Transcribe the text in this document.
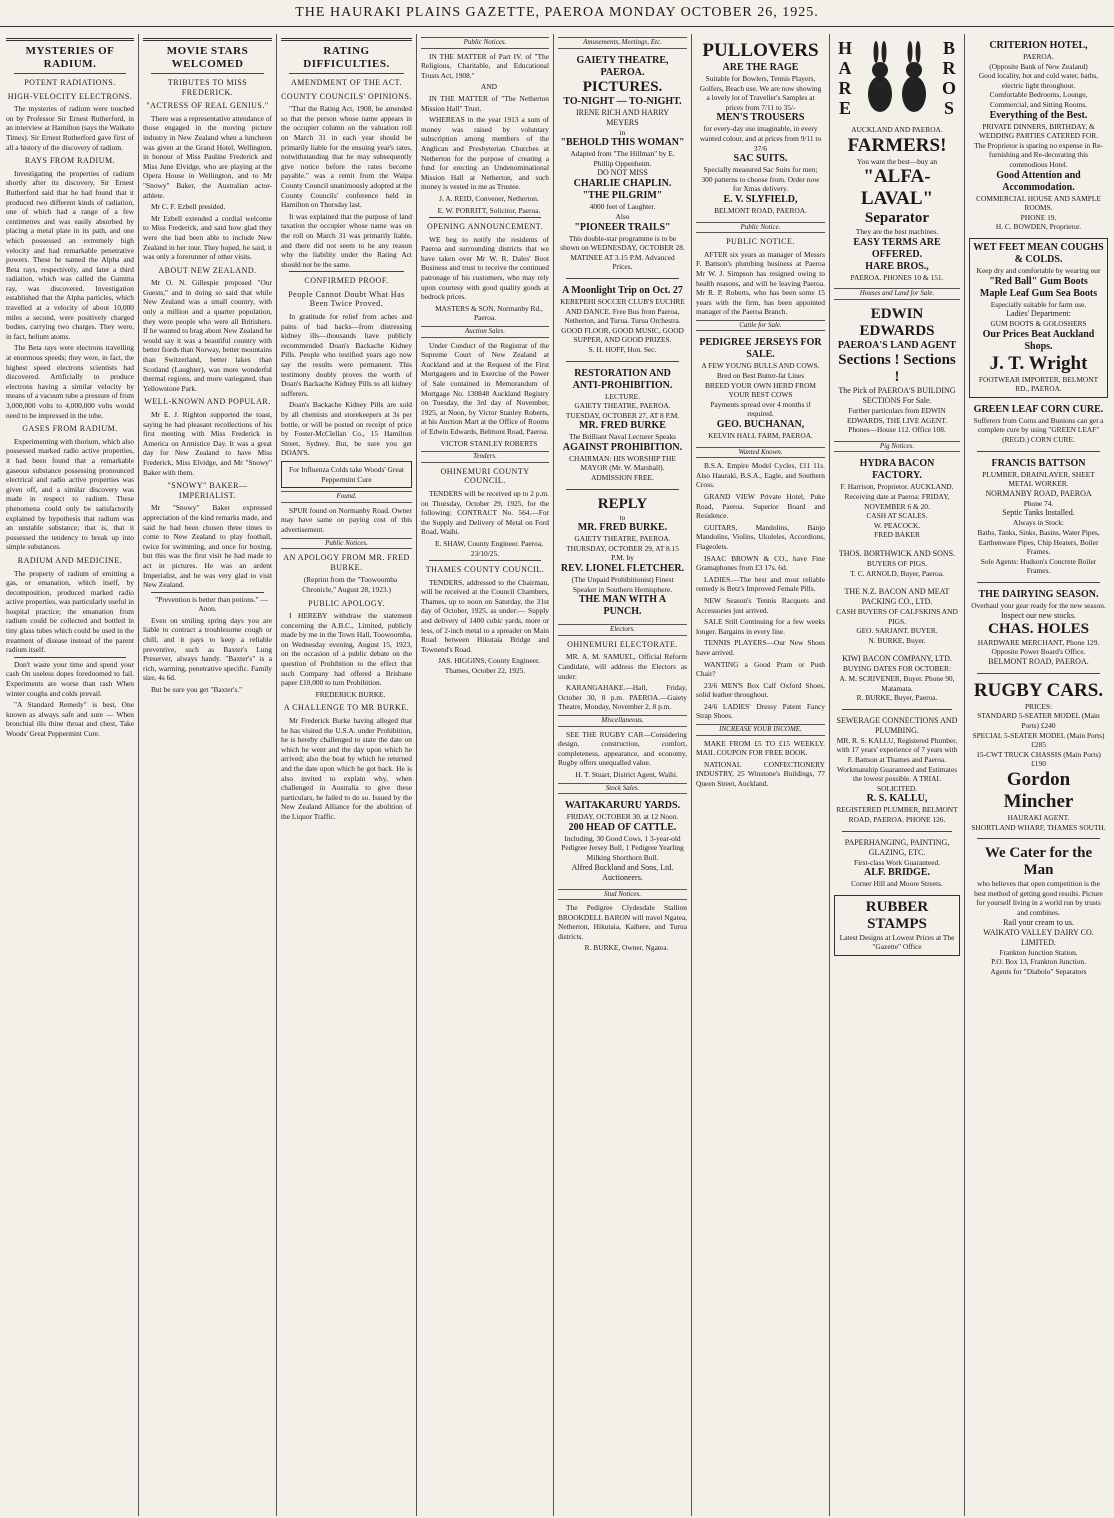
THE HAURAKI PLAINS GAZETTE, PAEROA MONDAY OCTOBER 26, 1925.
MYSTERIES OF RADIUM.
POTENT RADIATIONS.
HIGH-VELOCITY ELECTRONS.

The mysteries of radium were touched on by Professor Sir Ernest Rutherford, in an interview at Hamilton (says the Waikato Times). Sir Ernest Rutherford gave first of all a history of the discovery of radium.

RAYS FROM RADIUM.

Investigating the properties of radium shortly after its discovery, Sir Ernest Rutherford said that he had found that it produced two different kinds of radiation, one of which had a range of a few centimetres and was easily absorbed by placing a metal plate in its path, and one which possessed an extremely high velocity and had remarkable penetrative powers. These he named the Alpha and Beta rays, respectively, and later a third radiation, which was called the Gamma ray, was discovered. Investigation established that the Alpha particles, which travelled at a velocity of about 10,000 miles a second, were positively charged bodies, carrying two charges. They were, in fact, helium atoms.

The Beta rays were electrons travelling at enormous speeds; they were, in fact, the highest speed electrons scientists had discovered. Artificially to produce electrons having a similar velocity by means of a vacuum tube a pressure of from 3,000,000 volts to 4,000,000 volts would need to be impressed in the tube.

GASES FROM RADIUM.

Experimenting with thorium, which also possessed marked radio active properties, it had been found that a remarkable gaseous substance possessing pronounced electrical and radio active properties was given off, and a similar discovery was made in respect to radium. These phenomena could only be satisfactorily explained by hypothesis that radium was an unstable substance; that is, that it possessed the tendency to break up into simple substances.

RADIUM AND MEDICINE.

The property of radium of emitting a gas, or emanation, which itself, by decomposition, produced marked radio active properties, was particularly useful in hospital practice; the emanation from radium could be collected and bottled in tiny glass tubes which could be used in the treatment of disease instead of the parent radium itself.

Don't waste your time and spend your cash On useless dopes foredoomed to fail. Experiments are worse than rash When winter coughs and colds prevail.

"A Standard Remedy" is best, One known as always safe and sure — When bronchial ills thine throat and chest, Take Woods' Great Peppermint Cure.

MOVIE STARS WELCOMED
TRIBUTES TO MISS FREDERICK.
"ACTRESS OF REAL GENIUS."

There was a representative attendance of those engaged in the moving picture industry in New Zealand when a luncheon was given at the Grand Hotel, Wellington, in honour of Miss Pauline Frederick and Miss June Elvidge, who are playing at the Opera House in Wellington, and to Mr "Snowy" Baker, the Australian actor-athlete.

Mr C. F. Ezbell presided.

Mr Ezbell extended a cordial welcome to Miss Frederick, and said how glad they were she had been able to include New Zealand in her tour. They hoped, he said, it was only a forerunner of other visits.

ABOUT NEW ZEALAND.

Mr O. N. Gillespie proposed "Our Guests," and in doing so said that while New Zealand was a small country, with only a million and a quarter population, they were people who were all Britishers. If he wanted to brag about New Zealand he would say it was a beautiful country with better fiords than Norway, better mountains than Switzerland, better lakes than Scotland (Laughter), was more wonderful thermal regions, and more variegated, than Yellowstone Park.

WELL-KNOWN AND POPULAR.

Mr E. J. Righton supported the toast, saying he had pleasant recollections of his first meeting with Miss Frederick in America on Armistice Day. It was a great day for New Zealand to have Miss Frederick, Miss Elvidge, and Mr "Snowy" Baker with them.

"SNOWY" BAKER—IMPERIALIST.

Mr "Snowy" Baker expressed appreciation of the kind remarks made, and said he had been chosen three times to come to New Zealand to play football, twice for swimming, and once for boxing, but this was the first visit he had made to act in pictures. He was an ardent Imperialist, and he was very glad to visit New Zealand.

"Prevention is better than potions." —Anon.

Even on smiling spring days you are liable to contract a troublesome cough or chill, and it pays to keep a reliable preventive, such as Baxter's Lung Preserver, always handy. "Baxter's" is a rich, warming, penetrative specific. Family size, 4s 6d.

But be sure you get "Baxter's."

RATING DIFFICULTIES.
AMENDMENT OF THE ACT.
COUNTY COUNCILS' OPINIONS.

"That the Rating Act, 1908, be amended so that the person whose name appears in the occupier column on the valuation roll on March 31 in each year should be primarily liable for the ensuing year's rates, notwithstanding that he may subsequently give notice before the rates become payable." was a remit from the Waipa County Council unanimously adopted at the County Councils' conference held in Hamilton on Thursday last.

It was explained that the purpose of land taxation the occupier whose name was on the roll on March 31 was primarily liable, and there did not seem to be any reason why the liability under the Rating Act should not be the same.

CONFIRMED PROOF.
People Cannot Doubt What Has Been Twice Proved.

In gratitude for relief from aches and pains of bad backs—from distressing kidney ills—thousands have publicly recommended Doan's Backache Kidney Pills. People who testified years ago now say the results were permanent. This testimony doubly proves the worth of Doan's Backache Kidney Pills to all kidney sufferers.

Doan's Backache Kidney Pills are sold by all chemists and storekeepers at 3s per bottle, or will be posted on receipt of price by Foster-McClellan Co., 15 Hamilton Street, Sydney. But, be sure you get DOAN'S.

For Influenza Colds take Woods' Great Peppermint Cure
Found.

SPUR found on Normanby Road. Owner may have same on paying cost of this advertisement.

Public Notices.
AN APOLOGY FROM MR. FRED BURKE.

(Reprint from the "Toowoomba Chronicle," August 28, 1923.)

PUBLIC APOLOGY.

I HEREBY withdraw the statement concerning the A.B.C., Limited, publicly made by me in the Town Hall, Toowoomba, on Wednesday evening, August 15, 1923, on the occasion of a public debate on the question of Prohibition to the effect that such Company had offered a Brisbane paper £10,000 to turn Prohibition.

FREDERICK BURKE.

A CHALLENGE TO MR BURKE.

Mr Frederick Burke having alleged that he has visited the U.S.A. under Prohibition, he is hereby challenged to state the date on which he went and the day upon which he arrived; also the boat by which he returned and the date upon which he got back. He is also invited to explain why, when challenged in Australia to give these particulars, he failed to do so. Issued by the New Zealand Alliance for the abolition of the Liquor Traffic.

Public Notices.

IN THE MATTER of Part IV. of "The Religious, Charitable, and Educational Trusts Act, 1908."

AND

IN THE MATTER of "The Netherton Mission Hall" Trust.

WHEREAS in the year 1913 a sum of money was raised by voluntary subscription among members of the Anglican and Presbyterian Churches at Netherton for the purpose of creating a fund for erecting an Undenominational Mission Hall at Netherton, and such money is vested in me as Trustee.

J. A. REID, Convener, Netherton.

E. W. PORRITT, Solicitor, Paeroa.

OPENING ANNOUNCEMENT.

WE beg to notify the residents of Paeroa and surrounding districts that we have taken over Mr W. R. Dales' Boot Business and trust to receive the continued patronage of his customers, who may rely upon courtesy with good quality goods at bedrock prices.

MASTERS & SON, Normanby Rd., Paeroa.

Auction Sales.

Under Conduct of the Registrar of the Supreme Court of New Zealand at Auckland and at the Request of the First Mortgagees and in Exercise of the Power of Sale contained in Memorandum of Mortgage No. 130848 Auckland Registry on Tuesday, the 3rd day of November, 1925, at Noon, by Victor Stanley Roberts, at his Auction Mart at the Office of Rooms of Edwin Edwards, Belmont Road, Paeroa.

VICTOR STANLEY ROBERTS

Tenders.
OHINEMURI COUNTY COUNCIL.

TENDERS will be received up to 2 p.m. on Thursday, October 29, 1925, for the following: CONTRACT No. 564.—For the Supply and Delivery of Metal on Ford Road, Waihi.

E. SHAW, County Engineer. Paeroa, 23/10/25.

THAMES COUNTY COUNCIL.

TENDERS, addressed to the Chairman, will be received at the Council Chambers, Thames, up to noon on Saturday, the 31st day of October, 1925, as under:— Supply and delivery of 1400 cubic yards, more or less, of 2-inch metal to a spreader on Main Road between Hikutaia Bridge and Townend's Road.

JAS. HIGGINS, County Engineer. Thames, October 22, 1925.

Amusements, Meetings, Etc.
GAIETY THEATRE, PAEROA.
PICTURES.
TO-NIGHT — TO-NIGHT.
IRENE RICH AND HARRY MEYERS
in
"BEHOLD THIS WOMAN"
Adapted from "The Hillman" by E. Phillip Oppenheim.
DO NOT MISS
CHARLIE CHAPLIN.
"THE PILGRIM"
4000 feet of Laughter.
Also
"PIONEER TRAILS"
This double-star programme is to be shown on WEDNESDAY, OCTOBER 28.
MATINEE AT 3.15 P.M. Advanced Prices.
A Moonlight Trip on Oct. 27
KEREPEHI SOCCER CLUB'S EUCHRE AND DANCE. Free Bus from Paeroa, Netherton, and Turua. Turua Orchestra. GOOD FLOOR, GOOD MUSIC, GOOD SUPPER, AND GOOD PRIZES.
S. H. HOFF, Hon. Sec.
RESTORATION AND ANTI-PROHIBITION.
LECTURE.
GAIETY THEATRE, PAEROA.
TUESDAY, OCTOBER 27, AT 8 P.M.
MR. FRED BURKE
The Brilliant Naval Lecturer Speaks
AGAINST PROHIBITION.
CHAIRMAN: HIS WORSHIP THE MAYOR (Mr. W. Marshall).
ADMISSION FREE.
REPLY
to
MR. FRED BURKE.
GAIETY THEATRE, PAEROA. THURSDAY, OCTOBER 29, AT 8.15 P.M. by
REV. LIONEL FLETCHER.
(The Unpaid Prohibitionist) Finest Speaker in Southern Hemisphere.
THE MAN WITH A PUNCH.
Electors.
OHINEMURI ELECTORATE.

MR. A. M. SAMUEL, Official Reform Candidate, will address the Electors as under:

KARANGAHAKE.—Hall, Friday, October 30, 8 p.m. PAEROA.—Gaiety Theatre, Monday, November 2, 8 p.m.

Miscellaneous.

SEE THE RUGBY CAR—Considering design, construction, comfort, completeness, appearance, and economy, Rugby offers unequalled value.

H. T. Stuart, District Agent, Waihi.

Stock Sales.
WAITAKARURU YARDS.
FRIDAY, OCTOBER 30. at 12 Noon.
200 HEAD OF CATTLE.
Including, 30 Good Cows, 1 3-year-old Pedigree Jersey Bull, 1 Pedigree Yearling Milking Shorthorn Bull.
Alfred Buckland and Sons, Ltd. Auctioneers.
Stud Notices.

The Pedigree Clydesdale Stallion BROOKDELL BARON will travel Ngatea, Netherton, Hikutaia, Kaihere, and Turua districts.

R. BURKE, Owner, Ngatea.

PULLOVERS
ARE THE RAGE
Suitable for Bowlers, Tennis Players, Golfers, Beach use. We are now showing a lovely lot of Traveller's Samples at prices from 7/11 to 35/-
MEN'S TROUSERS
for every-day use imaginable, in every wanted colour, and at prices from 9/11 to 37/6
SAC SUITS.
Specially measured Sac Suits for men; 300 patterns to choose from. Order now for Xmas delivery.
E. V. SLYFIELD,
BELMONT ROAD, PAEROA.
Public Notice.
PUBLIC NOTICE.

AFTER six years as manager of Messrs F. Battson's plumbing business at Paeroa Mr W. J. Simpson has resigned owing to health reasons, and will be leaving Paeroa. Mr R. P. Roberts, who has been some 15 years with the firm, has been appointed manager of the Paeroa Branch.

Cattle for Sale.
PEDIGREE JERSEYS FOR SALE.
A FEW YOUNG BULLS AND COWS.
Bred on Best Butter-fat Lines
BREED YOUR OWN HERD FROM YOUR BEST COWS
Payments spread over 4 months if required.
GEO. BUCHANAN,
KELVIN HALL FARM, PAEROA.
Wanted Known.

B.S.A. Empire Model Cycles, £11 11s. Also Hauraki, B.S.A., Eagle, and Southern Cross.

GRAND VIEW Private Hotel, Puke Road, Paeroa. Superior Board and Residence.

GUITARS, Mandolins, Banjo Mandolins, Violins, Ukuleles, Accordions, Flageolets.

ISAAC BROWN & CO., have Fine Gramaphones from £3 17s. 6d.

LADIES.—The best and most reliable remedy is Betz's Improved Female Pills.

NEW Season's Tennis Racquets and Accessories just arrived.

SALE Still Continuing for a few weeks longer. Bargains in every line.

TENNIS PLAYERS—Our New Shoes have arrived.

WANTING a Good Pram or Push Chair?

23/6 MEN'S Box Calf Oxford Shoes, solid leather throughout.

24/6 LADIES' Dressy Patent Fancy Strap Shoes.

INCREASE YOUR INCOME.

MAKE FROM £5 TO £15 WEEKLY. MAIL COUPON FOR FREE BOOK.

NATIONAL CONFECTIONERY INDUSTRY, 25 Winstone's Buildings, 77 Queen Street, Auckland.

H
A
R
E
B
R
O
S
AUCKLAND AND PAEROA.
FARMERS!
You want the best—buy an
"ALFA-LAVAL"
Separator
They are the best machines.
EASY TERMS ARE OFFERED.
HARE BROS.,
PAEROA. PHONES 10 & 151.
Houses and Land for Sale.
EDWIN EDWARDS
PAEROA'S LAND AGENT
Sections ! Sections !
The Pick of PAEROA'S BUILDING SECTIONS For Sale.
Further particulars from EDWIN EDWARDS, THE LIVE AGENT.
Phones—House 112. Office 108.
Pig Notices.
HYDRA BACON FACTORY.
F. Harrison, Proprietor. AUCKLAND.
Receiving date at Paeroa: FRIDAY, NOVEMBER 6 & 20.
CASH AT SCALES.
W. PEACOCK.
FRED BAKER
THOS. BORTHWICK AND SONS.
BUYERS OF PIGS.
T. C. ARNOLD, Buyer, Paeroa.
THE N.Z. BACON AND MEAT PACKING CO., LTD.
CASH BUYERS OF CALFSKINS AND PIGS.
GEO. SARJANT. BUYER.
N. BURKE, Buyer.
KIWI BACON COMPANY, LTD.
BUYING DATES FOR OCTOBER:
A. M. SCRIVENER, Buyer. Phone 90, Matamata.
R. BURKE, Buyer, Paeroa.
SEWERAGE CONNECTIONS AND PLUMBING.
MR. R. S. KALLU, Registered Plumber, with 17 years' experience of 7 years with F. Battson at Thames and Paeroa.
Workmanship Guaranteed and Estimates the lowest possible. A TRIAL SOLICITED.
R. S. KALLU,
REGISTERED PLUMBER, BELMONT ROAD, PAEROA. PHONE 126.
PAPERHANGING, PAINTING, GLAZING, ETC.
First-class Work Guaranteed.
ALF. BRIDGE.
Corner Hill and Moore Streets.
RUBBER STAMPS
Latest Designs at Lowest Prices at The "Gazette" Office
CRITERION HOTEL,
PAEROA.
(Opposite Bank of New Zealand)
Good locality, hot and cold water, baths, electric light throughout.
Comfortable Bedrooms, Lounge, Commercial, and Sitting Rooms.
Everything of the Best.
PRIVATE DINNERS, BIRTHDAY, & WEDDING PARTIES CATERED FOR.
The Proprietor is sparing no expense in Re-furnishing and Re-decorating this commodious Hotel.
Good Attention and Accommodation.
COMMERCIAL HOUSE AND SAMPLE ROOMS.
PHONE 19.
H. C. BOWDEN, Proprietor.
WET FEET MEAN COUGHS & COLDS.
Keep dry and comfortable by wearing our
"Red Ball" Gum Boots
Maple Leaf Gum Sea Boots
Especially suitable for farm use.
Ladies' Department:
GUM BOOTS & GOLOSHERS
Our Prices Beat Auckland Shops.
J. T. Wright
FOOTWEAR IMPORTER, BELMONT RD., PAEROA.
GREEN LEAF CORN CURE.
Sufferers from Corns and Bunions can get a complete cure by using "GREEN LEAF" (REGD.) CORN CURE.
FRANCIS BATTSON
PLUMBER, DRAINLAYER, SHEET METAL WORKER.
NORMANBY ROAD, PAEROA
Phone 74.
Septic Tanks Installed.
Always in Stock:
Baths, Tanks, Sinks, Basins, Water Pipes, Earthenware Pipes, Chip Heaters, Boiler Frames.
Sole Agents: Hudson's Concrete Boiler Frames.
THE DAIRYING SEASON.
Overhaul your gear ready for the new season.
Inspect our new stocks.
CHAS. HOLES
HARDWARE MERCHANT, Phone 129.
Opposite Power Board's Office.
BELMONT ROAD, PAEROA.
RUGBY CARS.
PRICES:
STANDARD 5-SEATER MODEL (Main Ports) £240
SPECIAL 5-SEATER MODEL (Main Ports) £285
15-CWT TRUCK CHASSIS (Main Ports) £190
Gordon Mincher
HAURAKI AGENT.
SHORTLAND WHARF, THAMES SOUTH.
We Cater for the Man
who believes that open competition is the best method of getting good results. Picture for yourself living in a world run by trusts and combines.
Rail your cream to us.
WAIKATO VALLEY DAIRY CO. LIMITED.
Frankton Junction Station.
P.O. Box 13, Frankton Junction.
Agents for "Diabolo" Separators
